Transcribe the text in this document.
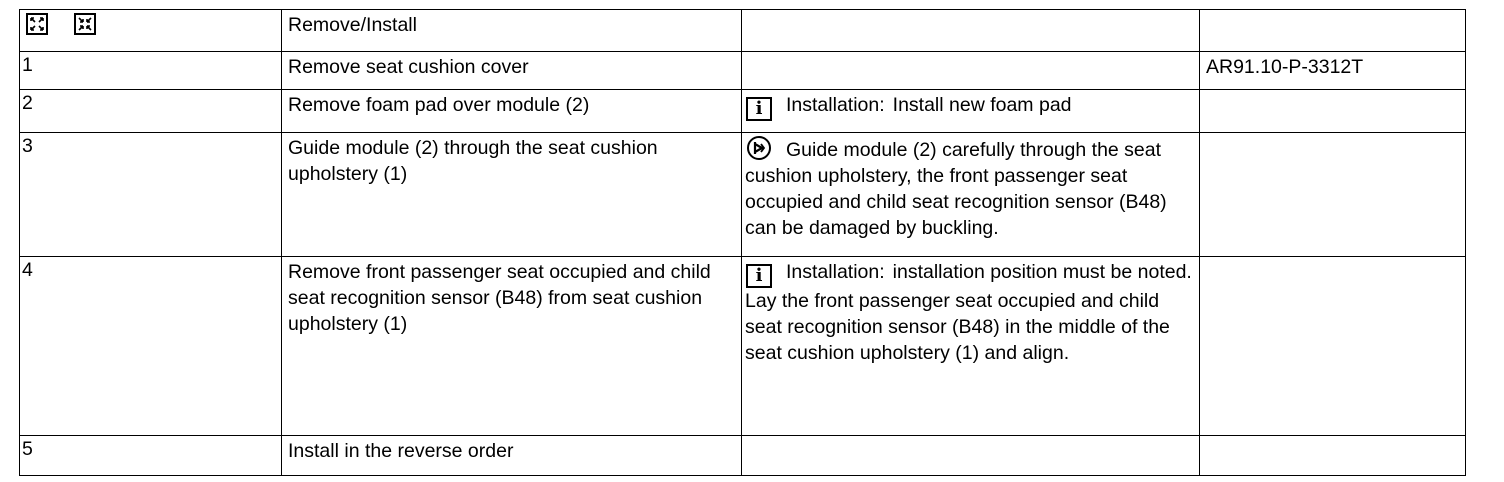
	Remove/Install		
1	Remove seat cushion cover		AR91.10-P-3312T
2	Remove foam pad over module (2)	i Installation: Install new foam pad	
3	Guide module (2) through the seat cushion upholstery (1)	Guide module (2) carefully through the seat cushion upholstery, the front passenger seat occupied and child seat recognition sensor (B48) can be damaged by buckling.	
4	Remove front passenger seat occupied and child seat recognition sensor (B48) from seat cushion upholstery (1)	i Installation: installation position must be noted.
Lay the front passenger seat occupied and child seat recognition sensor (B48) in the middle of the seat cushion upholstery (1) and align.	
5	Install in the reverse order		
